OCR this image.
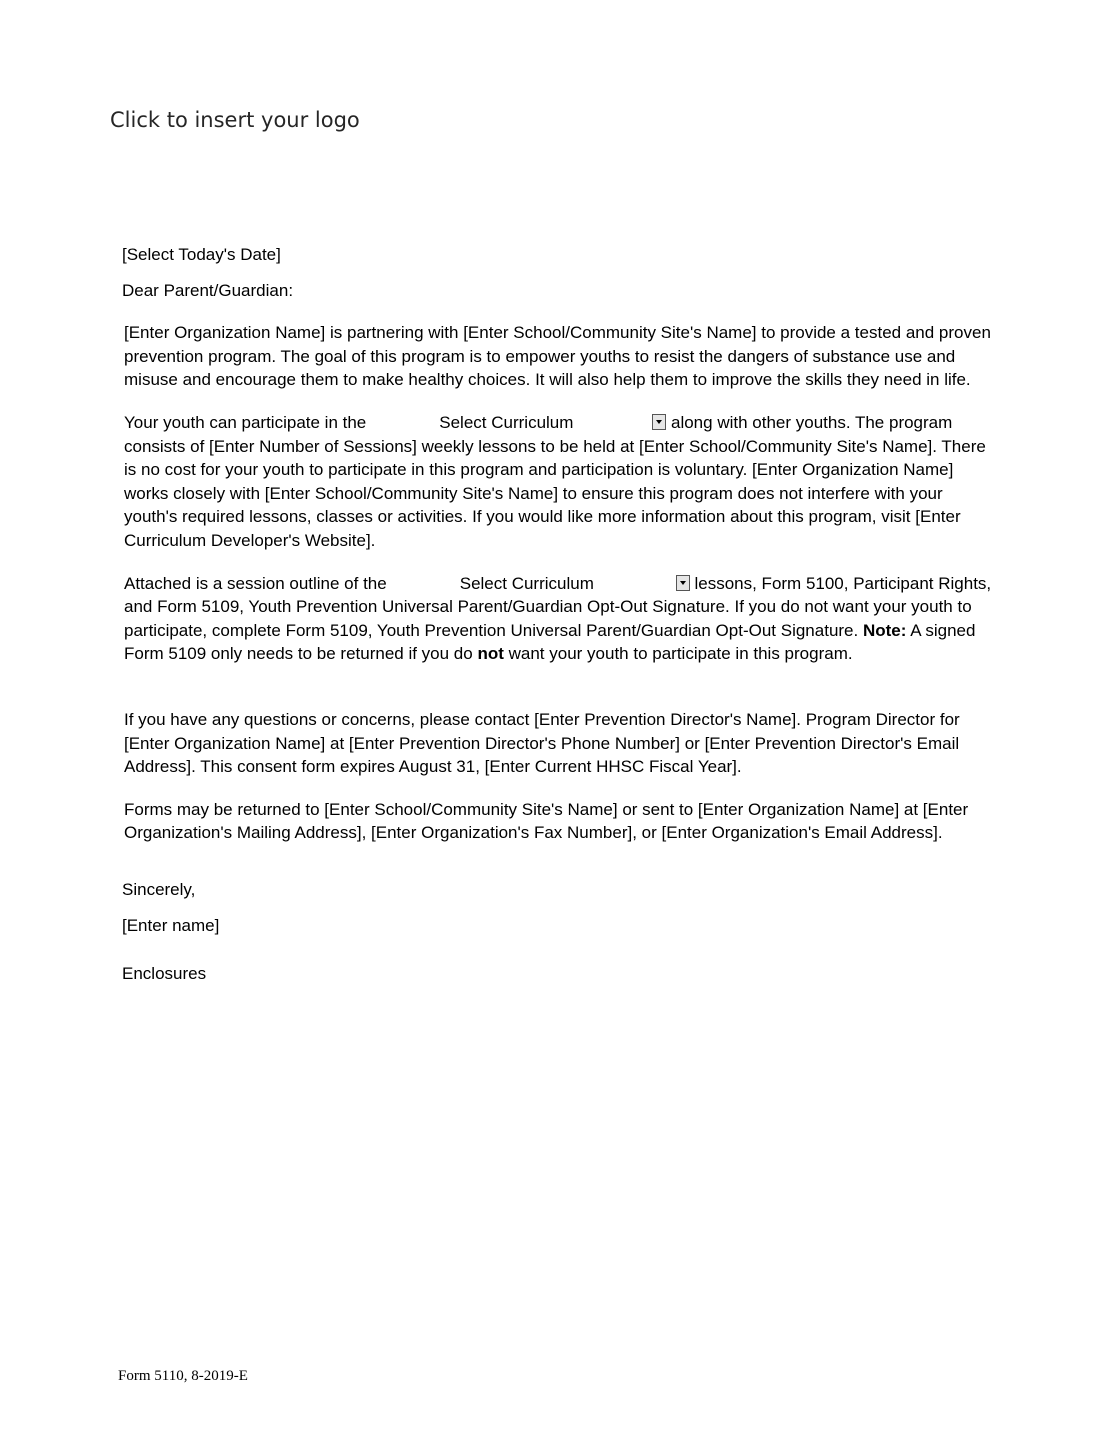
Click to insert your logo

[Select Today's Date]

Dear Parent/Guardian:

[Enter Organization Name] is partnering with [Enter School/Community Site's Name] to provide a tested and proven prevention program. The goal of this program is to empower youths to resist the dangers of substance use and misuse and encourage them to make healthy choices. It will also help them to improve the skills they need in life.

Your youth can participate in the	Select Curriculum	along with other youths. The program consists of [Enter Number of Sessions] weekly lessons to be held at [Enter School/Community Site's Name]. There is no cost for your youth to participate in this program and participation is voluntary. [Enter Organization Name] works closely with [Enter School/Community Site's Name] to ensure this program does not interfere with your youth's required lessons, classes or activities. If you would like more information about this program, visit [Enter Curriculum Developer's Website].

Attached is a session outline of the	Select Curriculum	lessons, Form 5100, Participant Rights, and Form 5109, Youth Prevention Universal Parent/Guardian Opt-Out Signature. If you do not want your youth to participate, complete Form 5109, Youth Prevention Universal Parent/Guardian Opt-Out Signature. Note: A signed Form 5109 only needs to be returned if you do not want your youth to participate in this program.

If you have any questions or concerns, please contact [Enter Prevention Director's Name]. Program Director for [Enter Organization Name] at [Enter Prevention Director's Phone Number] or [Enter Prevention Director's Email Address]. This consent form expires August 31, [Enter Current HHSC Fiscal Year].

Forms may be returned to [Enter School/Community Site's Name] or sent to [Enter Organization Name] at [Enter Organization's Mailing Address], [Enter Organization's Fax Number], or [Enter Organization's Email Address].

Sincerely,

[Enter name]

Enclosures

Form 5110, 8-2019-E
